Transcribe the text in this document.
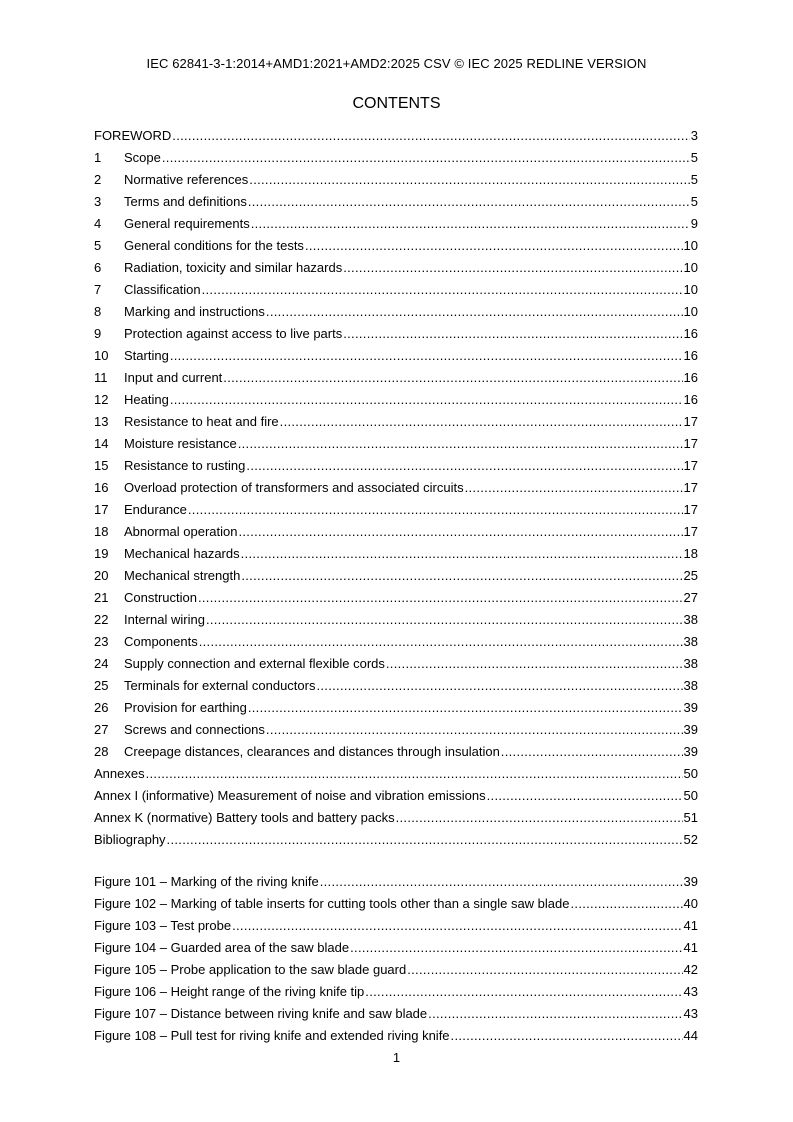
IEC 62841-3-1:2014+AMD1:2021+AMD2:2025 CSV © IEC 2025 REDLINE VERSION
CONTENTS
FOREWORD .....	3
1	Scope .....	5
2	Normative references .....	5
3	Terms and definitions .....	5
4	General requirements .....	9
5	General conditions for the tests .....	10
6	Radiation, toxicity and similar hazards .....	10
7	Classification .....	10
8	Marking and instructions .....	10
9	Protection against access to live parts .....	16
10	Starting .....	16
11	Input and current .....	16
12	Heating .....	16
13	Resistance to heat and fire .....	17
14	Moisture resistance .....	17
15	Resistance to rusting .....	17
16	Overload protection of transformers and associated circuits .....	17
17	Endurance .....	17
18	Abnormal operation .....	17
19	Mechanical hazards .....	18
20	Mechanical strength .....	25
21	Construction .....	27
22	Internal wiring .....	38
23	Components .....	38
24	Supply connection and external flexible cords .....	38
25	Terminals for external conductors .....	38
26	Provision for earthing .....	39
27	Screws and connections .....	39
28	Creepage distances, clearances and distances through insulation .....	39
Annexes .....	50
Annex I (informative) Measurement of noise and vibration emissions .....	50
Annex K (normative) Battery tools and battery packs .....	51
Bibliography .....	52
Figure 101 – Marking of the riving knife .....	39
Figure 102 – Marking of table inserts for cutting tools other than a single saw blade .....	40
Figure 103 – Test probe .....	41
Figure 104 – Guarded area of the saw blade .....	41
Figure 105 – Probe application to the saw blade guard .....	42
Figure 106 – Height range of the riving knife tip .....	43
Figure 107 – Distance between riving knife and saw blade .....	43
Figure 108 – Pull test for riving knife and extended riving knife .....	44
1
